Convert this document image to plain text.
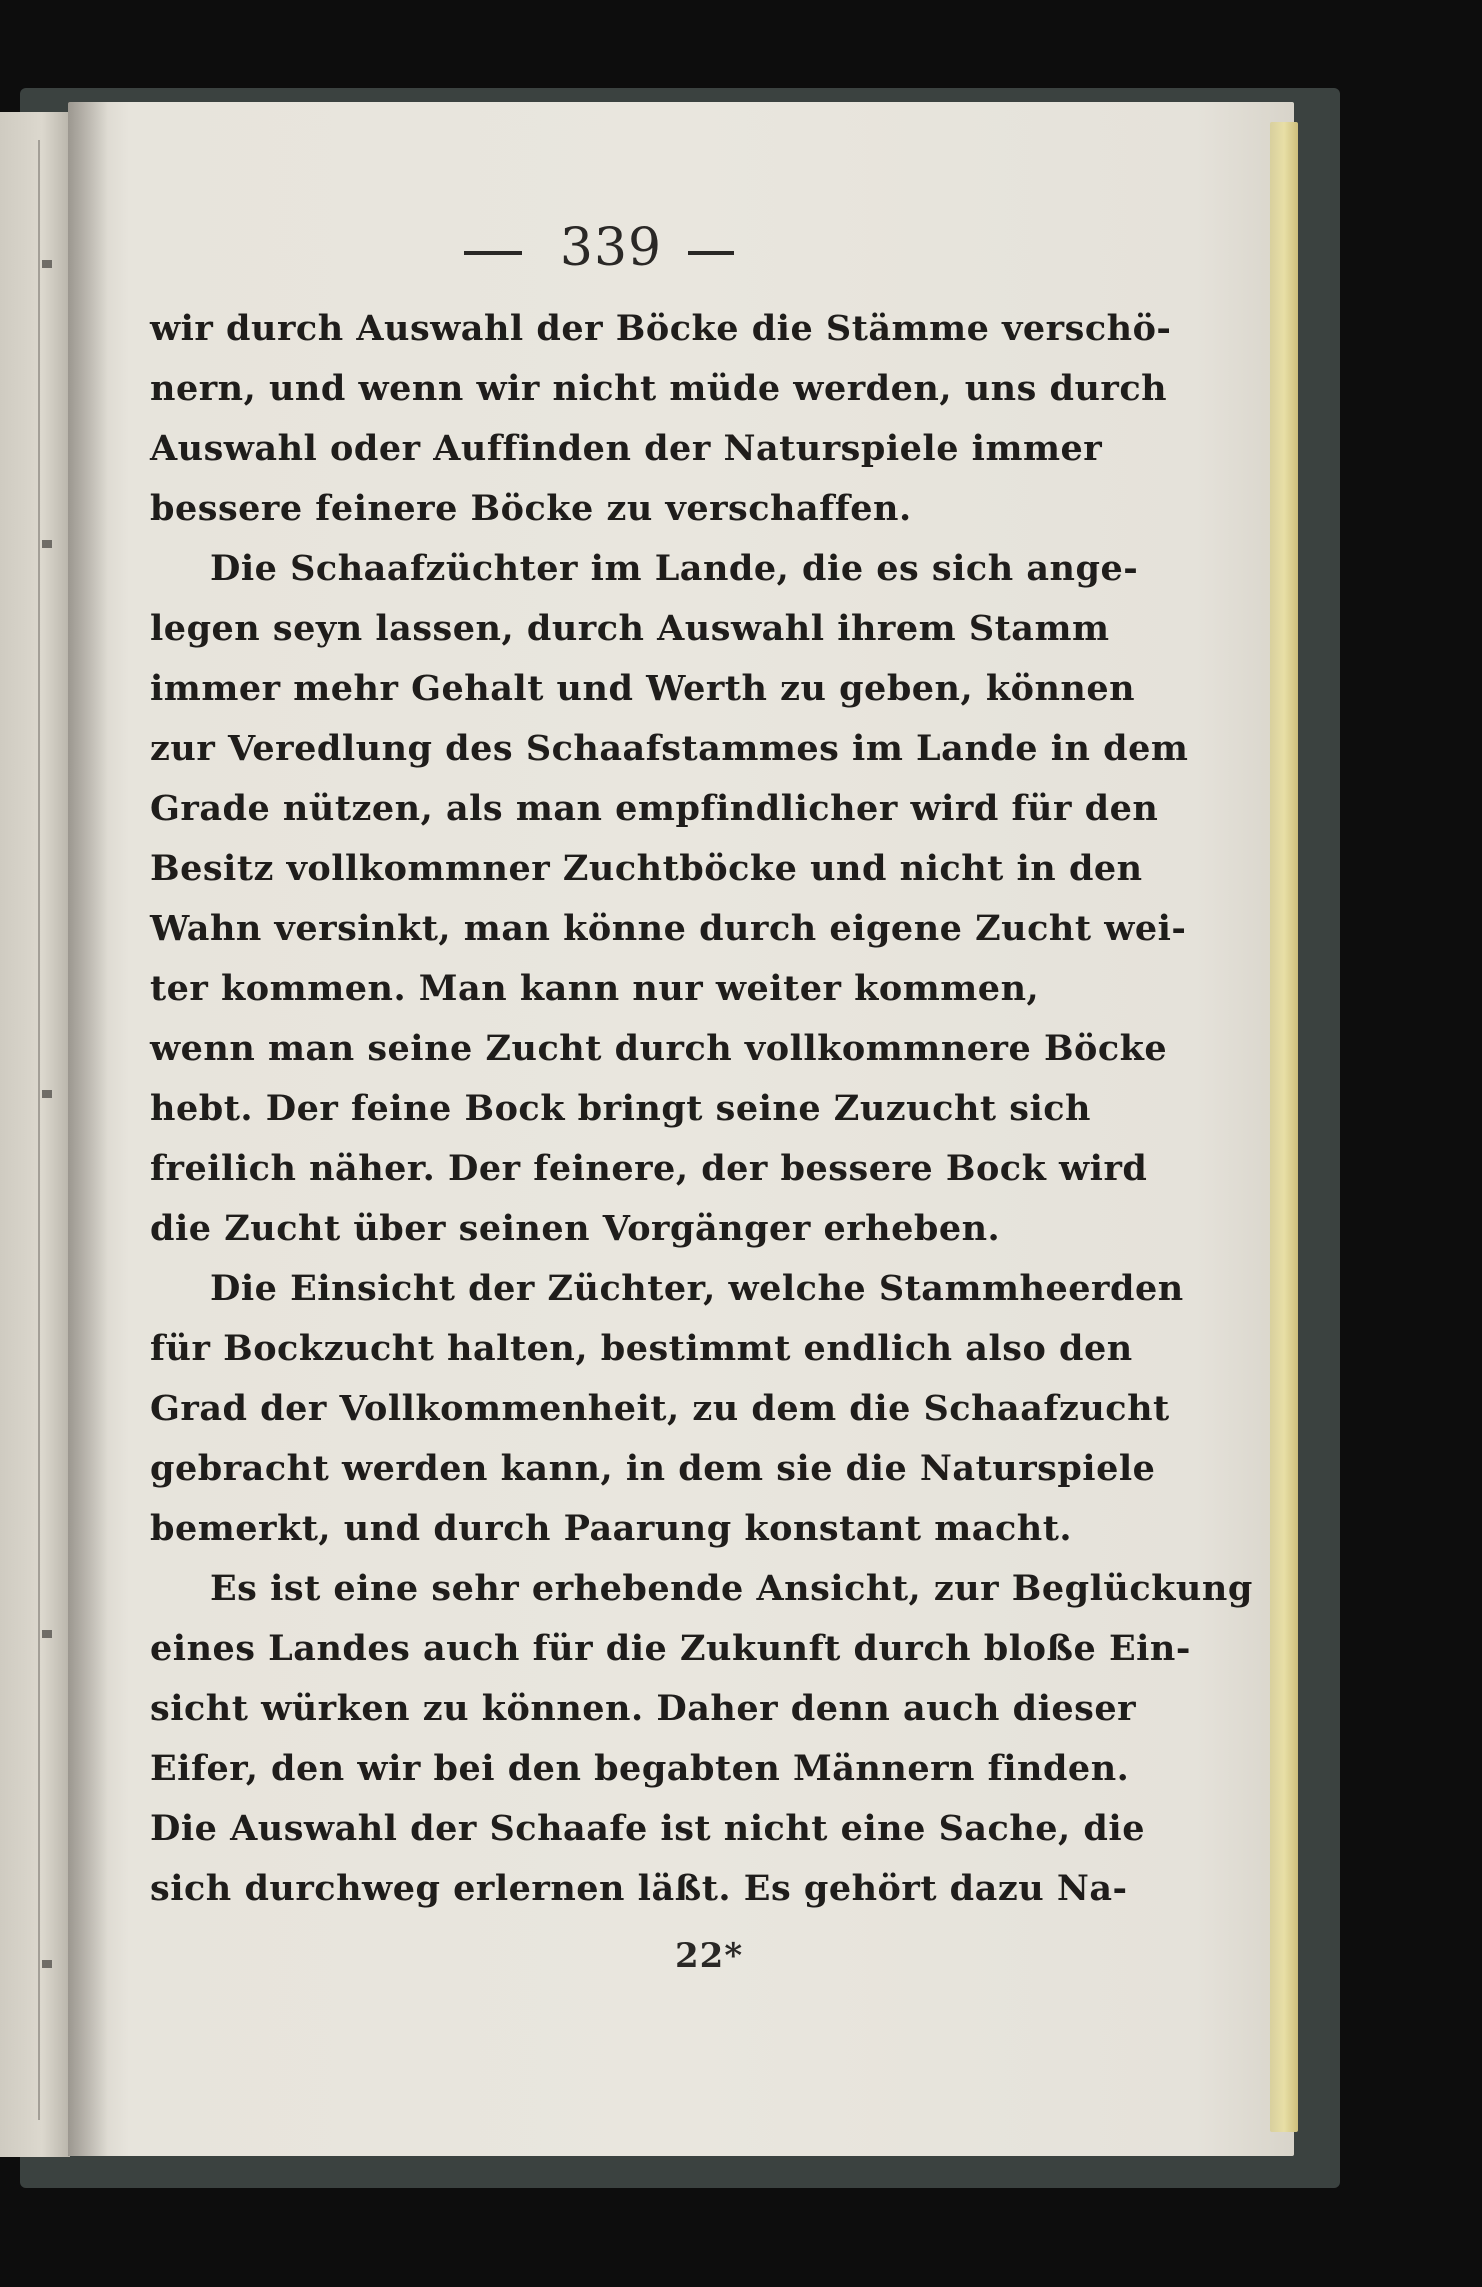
339
wir durch Auswahl der Böcke die Stämme verschö-
nern, und wenn wir nicht müde werden, uns durch
Auswahl oder Auffinden der Naturspiele immer
bessere feinere Böcke zu verschaffen.
Die Schaafzüchter im Lande, die es sich ange-
legen seyn lassen, durch Auswahl ihrem Stamm
immer mehr Gehalt und Werth zu geben, können
zur Veredlung des Schaafstammes im Lande in dem
Grade nützen, als man empfindlicher wird für den
Besitz vollkommner Zuchtböcke und nicht in den
Wahn versinkt, man könne durch eigene Zucht wei-
ter kommen. Man kann nur weiter kommen,
wenn man seine Zucht durch vollkommnere Böcke
hebt. Der feine Bock bringt seine Zuzucht sich
freilich näher. Der feinere, der bessere Bock wird
die Zucht über seinen Vorgänger erheben.
Die Einsicht der Züchter, welche Stammheerden
für Bockzucht halten, bestimmt endlich also den
Grad der Vollkommenheit, zu dem die Schaafzucht
gebracht werden kann, in dem sie die Naturspiele
bemerkt, und durch Paarung konstant macht.
Es ist eine sehr erhebende Ansicht, zur Beglückung
eines Landes auch für die Zukunft durch bloße Ein-
sicht würken zu können. Daher denn auch dieser
Eifer, den wir bei den begabten Männern finden.
Die Auswahl der Schaafe ist nicht eine Sache, die
sich durchweg erlernen läßt. Es gehört dazu Na-
22*
